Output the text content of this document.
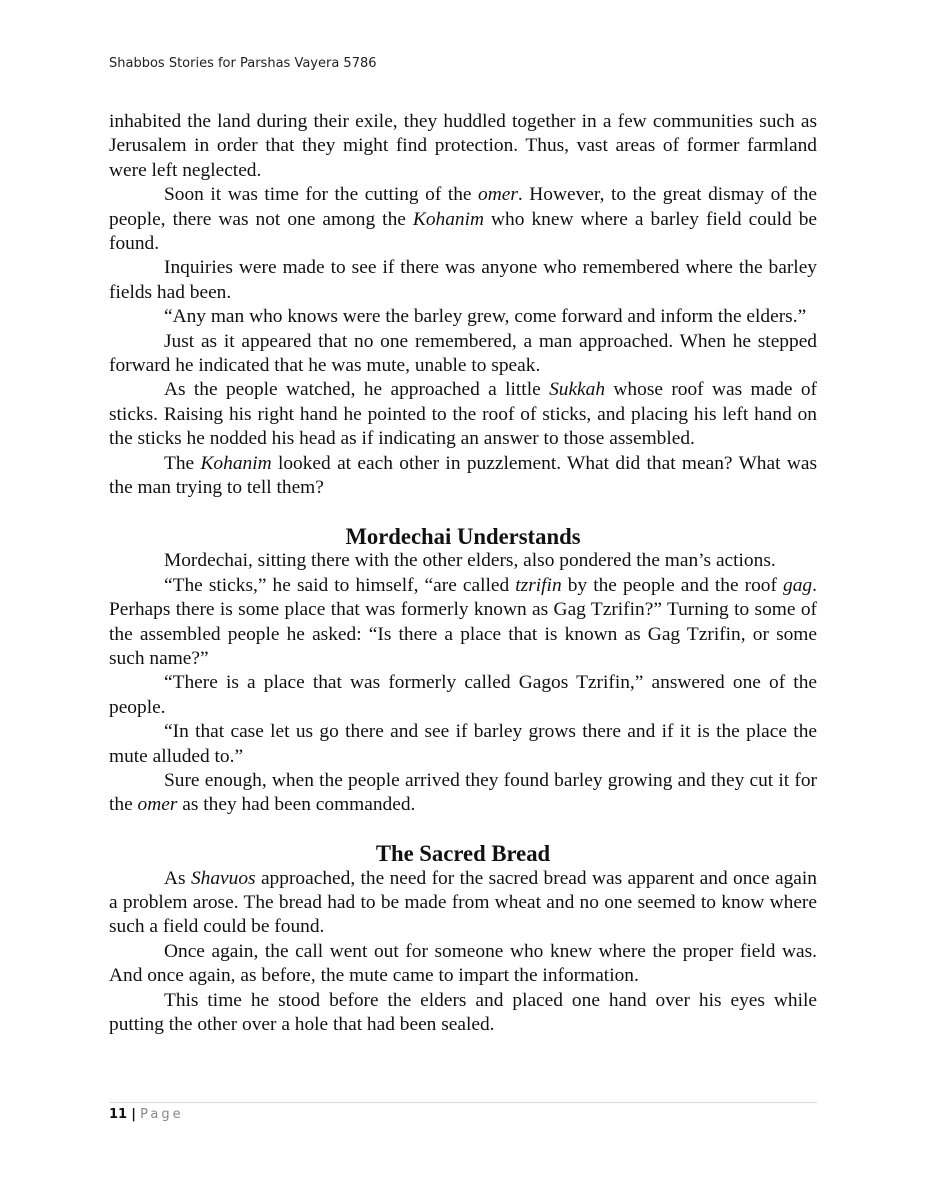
Shabbos Stories for Parshas Vayera 5786

inhabited the land during their exile, they huddled together in a few communities such as Jerusalem in order that they might find protection. Thus, vast areas of former farmland were left neglected.

Soon it was time for the cutting of the omer. However, to the great dismay of the people, there was not one among the Kohanim who knew where a barley field could be found.

Inquiries were made to see if there was anyone who remembered where the barley fields had been.

“Any man who knows were the barley grew, come forward and inform the elders.”

Just as it appeared that no one remembered, a man approached. When he stepped forward he indicated that he was mute, unable to speak.

As the people watched, he approached a little Sukkah whose roof was made of sticks. Raising his right hand he pointed to the roof of sticks, and placing his left hand on the sticks he nodded his head as if indicating an answer to those assembled.

The Kohanim looked at each other in puzzlement. What did that mean? What was the man trying to tell them?

Mordechai Understands

Mordechai, sitting there with the other elders, also pondered the man’s actions.

“The sticks,” he said to himself, “are called tzrifin by the people and the roof gag. Perhaps there is some place that was formerly known as Gag Tzrifin?” Turning to some of the assembled people he asked: “Is there a place that is known as Gag Tzrifin, or some such name?”

“There is a place that was formerly called Gagos Tzrifin,” answered one of the people.

“In that case let us go there and see if barley grows there and if it is the place the mute alluded to.”

Sure enough, when the people arrived they found barley growing and they cut it for the omer as they had been commanded.

The Sacred Bread

As Shavuos approached, the need for the sacred bread was apparent and once again a problem arose. The bread had to be made from wheat and no one seemed to know where such a field could be found.

Once again, the call went out for someone who knew where the proper field was. And once again, as before, the mute came to impart the information.

This time he stood before the elders and placed one hand over his eyes while putting the other over a hole that had been sealed.

11 | Page
